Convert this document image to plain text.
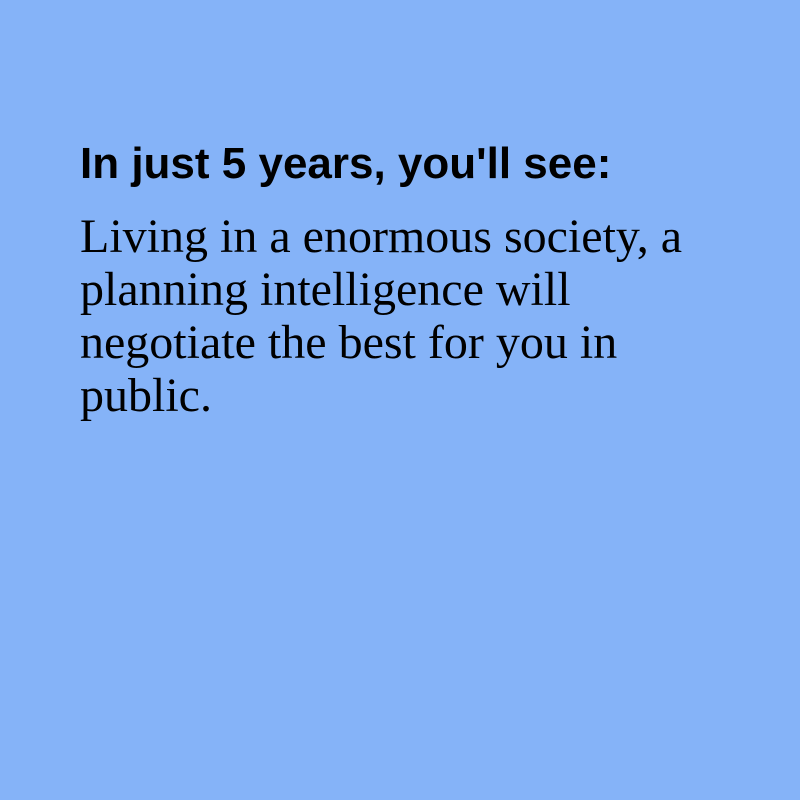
In just 5 years, you'll see:

Living in a enormous society, a planning intelligence will negotiate the best for you in public.
